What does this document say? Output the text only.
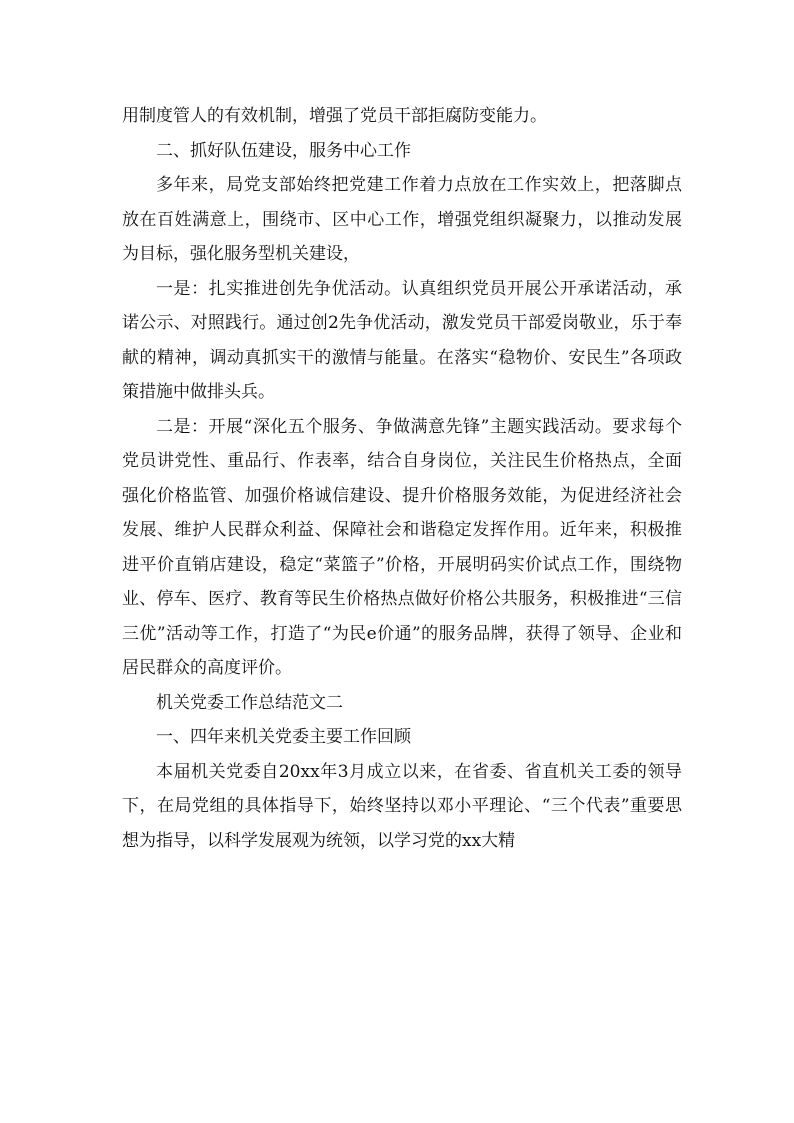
用制度管人的有效机制，增强了党员干部拒腐防变能力。

二、抓好队伍建设，服务中心工作

多年来，局党支部始终把党建工作着力点放在工作实效上，把落脚点放在百姓满意上，围绕市、区中心工作，增强党组织凝聚力，以推动发展为目标，强化服务型机关建设，

一是：扎实推进创先争优活动。认真组织党员开展公开承诺活动，承诺公示、对照践行。通过创2先争优活动，激发党员干部爱岗敬业，乐于奉献的精神，调动真抓实干的激情与能量。在落实“稳物价、安民生”各项政策措施中做排头兵。

二是：开展“深化五个服务、争做满意先锋”主题实践活动。要求每个党员讲党性、重品行、作表率，结合自身岗位，关注民生价格热点，全面强化价格监管、加强价格诚信建设、提升价格服务效能，为促进经济社会发展、维护人民群众利益、保障社会和谐稳定发挥作用。近年来，积极推进平价直销店建设，稳定“菜篮子”价格，开展明码实价试点工作，围绕物业、停车、医疗、教育等民生价格热点做好价格公共服务，积极推进“三信三优”活动等工作，打造了“为民e价通”的服务品牌，获得了领导、企业和居民群众的高度评价。

机关党委工作总结范文二

一、四年来机关党委主要工作回顾

本届机关党委自20xx年3月成立以来，在省委、省直机关工委的领导下，在局党组的具体指导下，始终坚持以邓小平理论、“三个代表”重要思想为指导，以科学发展观为统领，以学习党的xx大精
